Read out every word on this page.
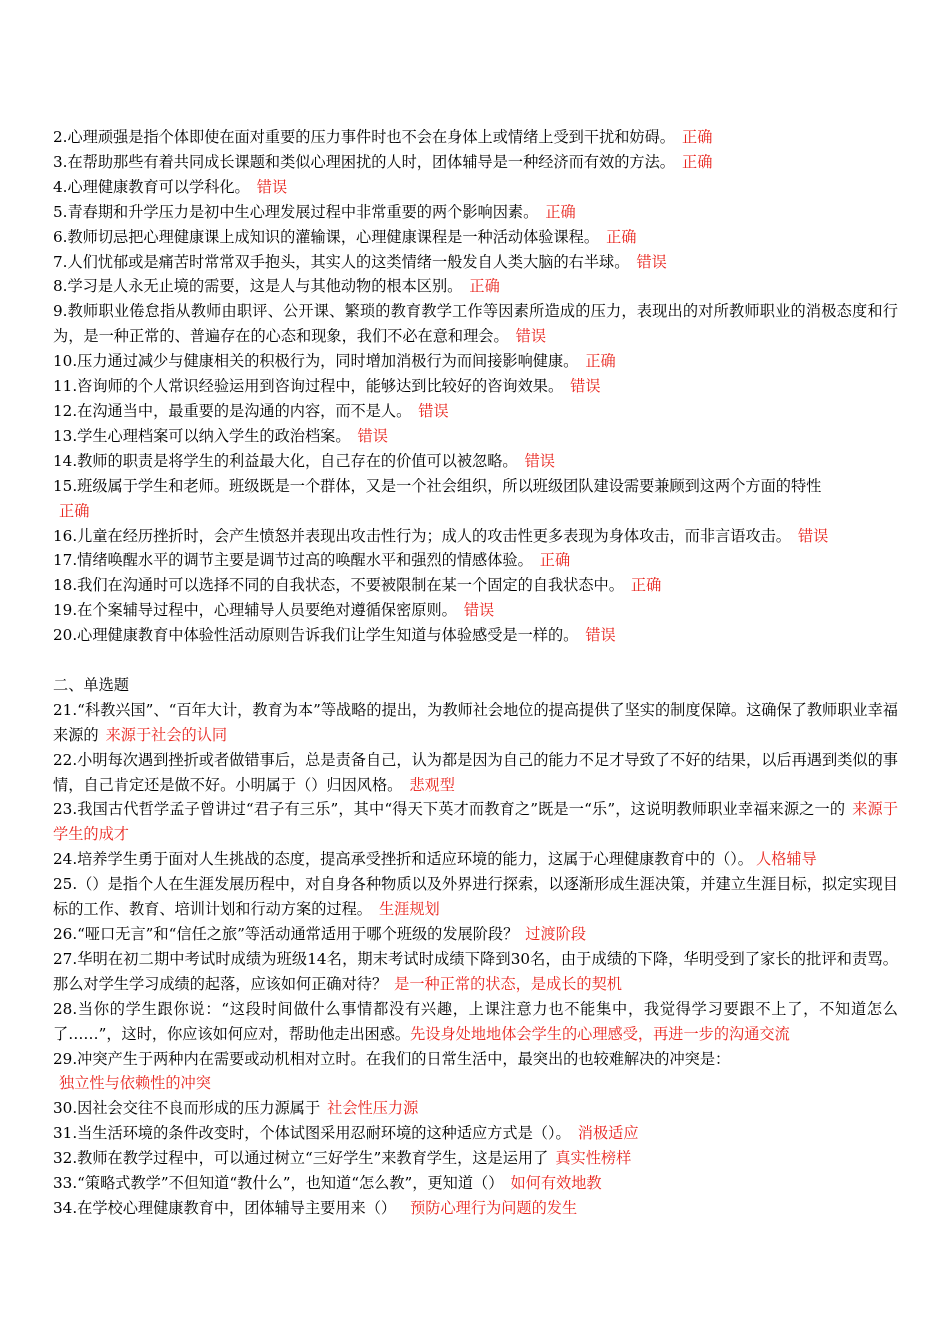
2.心理顽强是指个体即使在面对重要的压力事件时也不会在身体上或情绪上受到干扰和妨碍。 正确
3.在帮助那些有着共同成长课题和类似心理困扰的人时，团体辅导是一种经济而有效的方法。 正确
4.心理健康教育可以学科化。 错误
5.青春期和升学压力是初中生心理发展过程中非常重要的两个影响因素。 正确
6.教师切忌把心理健康课上成知识的灌输课，心理健康课程是一种活动体验课程。 正确
7.人们忧郁或是痛苦时常常双手抱头，其实人的这类情绪一般发自人类大脑的右半球。 错误
8.学习是人永无止境的需要，这是人与其他动物的根本区别。 正确
9.教师职业倦怠指从教师由职评、公开课、繁琐的教育教学工作等因素所造成的压力，表现出的对所教师职业的消极态度和行为，是一种正常的、普遍存在的心态和现象，我们不必在意和理会。 错误
10.压力通过减少与健康相关的积极行为，同时增加消极行为而间接影响健康。 正确
11.咨询师的个人常识经验运用到咨询过程中，能够达到比较好的咨询效果。 错误
12.在沟通当中，最重要的是沟通的内容，而不是人。 错误
13.学生心理档案可以纳入学生的政治档案。 错误
14.教师的职责是将学生的利益最大化，自己存在的价值可以被忽略。 错误
15.班级属于学生和老师。班级既是一个群体，又是一个社会组织，所以班级团队建设需要兼顾到这两个方面的特性
正确
16.儿童在经历挫折时，会产生愤怒并表现出攻击性行为；成人的攻击性更多表现为身体攻击，而非言语攻击。 错误
17.情绪唤醒水平的调节主要是调节过高的唤醒水平和强烈的情感体验。 正确
18.我们在沟通时可以选择不同的自我状态，不要被限制在某一个固定的自我状态中。 正确
19.在个案辅导过程中，心理辅导人员要绝对遵循保密原则。 错误
20.心理健康教育中体验性活动原则告诉我们让学生知道与体验感受是一样的。 错误
二、单选题
21.“科教兴国”、“百年大计，教育为本”等战略的提出，为教师社会地位的提高提供了坚实的制度保障。这确保了教师职业幸福来源的 来源于社会的认同
22.小明每次遇到挫折或者做错事后，总是责备自己，认为都是因为自己的能力不足才导致了不好的结果，以后再遇到类似的事情，自己肯定还是做不好。小明属于（）归因风格。 悲观型
23.我国古代哲学孟子曾讲过“君子有三乐”，其中“得天下英才而教育之”既是一“乐”，这说明教师职业幸福来源之一的 来源于学生的成才
24.培养学生勇于面对人生挑战的态度，提高承受挫折和适应环境的能力，这属于心理健康教育中的（）。 人格辅导
25.（）是指个人在生涯发展历程中，对自身各种物质以及外界进行探索，以逐渐形成生涯决策，并建立生涯目标，拟定实现目标的工作、教育、培训计划和行动方案的过程。 生涯规划
26.“哑口无言”和“信任之旅”等活动通常适用于哪个班级的发展阶段？ 过渡阶段
27.华明在初二期中考试时成绩为班级14名，期末考试时成绩下降到30名，由于成绩的下降，华明受到了家长的批评和责骂。那么对学生学习成绩的起落，应该如何正确对待？ 是一种正常的状态，是成长的契机
28.当你的学生跟你说：“这段时间做什么事情都没有兴趣，上课注意力也不能集中，我觉得学习要跟不上了，不知道怎么了……”，这时，你应该如何应对，帮助他走出困惑。先设身处地地体会学生的心理感受，再进一步的沟通交流
29.冲突产生于两种内在需要或动机相对立时。在我们的日常生活中，最突出的也较难解决的冲突是：
独立性与依赖性的冲突
30.因社会交往不良而形成的压力源属于 社会性压力源
31.当生活环境的条件改变时，个体试图采用忍耐环境的这种适应方式是（）。 消极适应
32.教师在教学过程中，可以通过树立“三好学生”来教育学生，这是运用了 真实性榜样
33.“策略式教学”不但知道“教什么”，也知道“怎么教”，更知道（） 如何有效地教
34.在学校心理健康教育中，团体辅导主要用来（） 预防心理行为问题的发生
